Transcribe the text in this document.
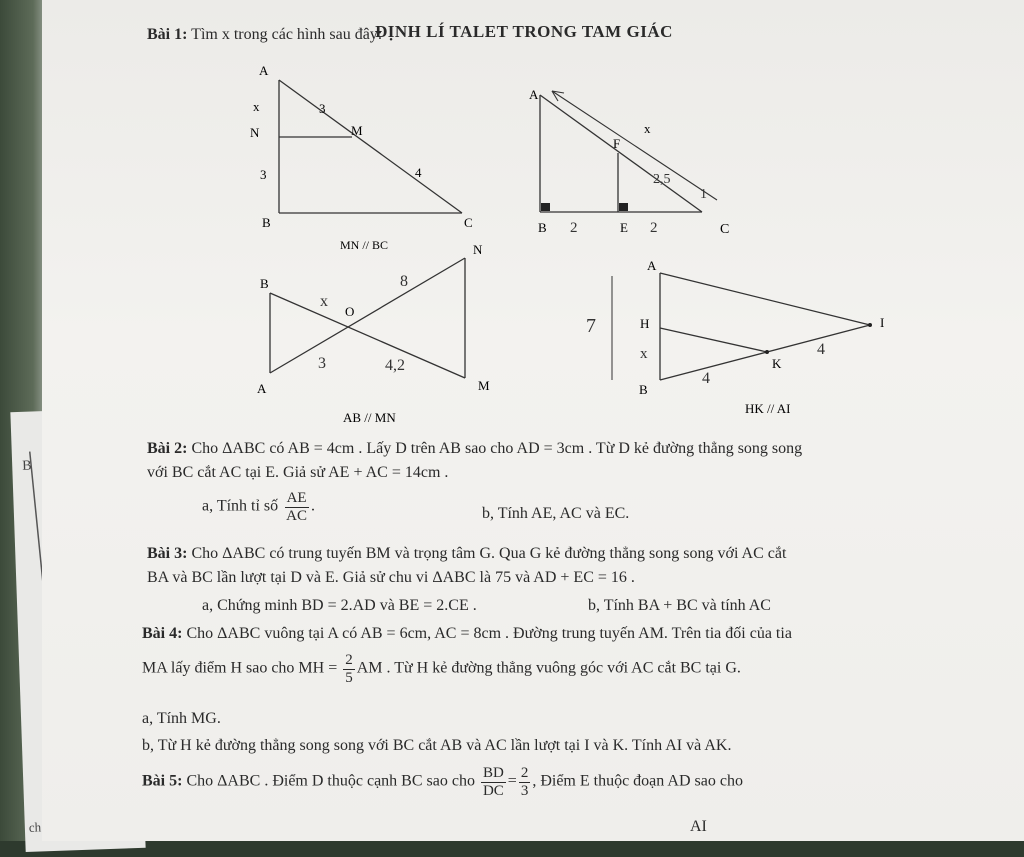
B
ch
ĐỊNH LÍ TALET TRONG TAM GIÁC
Bài 1: Tìm x trong các hình sau đây:
A
N	M
B	C
x	3
3	4
MN // BC
A
F
B	E	C
x
2,5
1
2	2
B
O
N
A	M
x
8
3	4,2
AB // MN
A
H
B
K
I
x
7
4
4
HK // AI
Bài 2: Cho ΔABC có AB = 4cm . Lấy D trên AB sao cho AD = 3cm . Từ D kẻ đường thẳng song song
với BC cắt AC tại E. Giả sử AE + AC = 14cm .
a, Tính tỉ số $\frac{AE}{AC}$ .	b, Tính AE, AC và EC.
Bài 3: Cho ΔABC có trung tuyến BM và trọng tâm G. Qua G kẻ đường thẳng song song với AC cắt
BA và BC lần lượt tại D và E. Giả sử chu vi ΔABC là 75 và AD + EC = 16 .
a, Chứng minh BD = 2.AD và BE = 2.CE .	b, Tính BA + BC và tính AC
Bài 4: Cho ΔABC vuông tại A có AB = 6cm, AC = 8cm . Đường trung tuyến AM. Trên tia đối của tia
MA lấy điểm H sao cho MH = $\frac{2}{5}$ AM . Từ H kẻ đường thẳng vuông góc với AC cắt BC tại G.
a, Tính MG.
b, Từ H kẻ đường thẳng song song với BC cắt AB và AC lần lượt tại I và K. Tính AI và AK.
Bài 5: Cho ΔABC . Điểm D thuộc cạnh BC sao cho $\frac{BD}{DC} = \frac{2}{3}$ , Điểm E thuộc đoạn AD sao cho
AI
